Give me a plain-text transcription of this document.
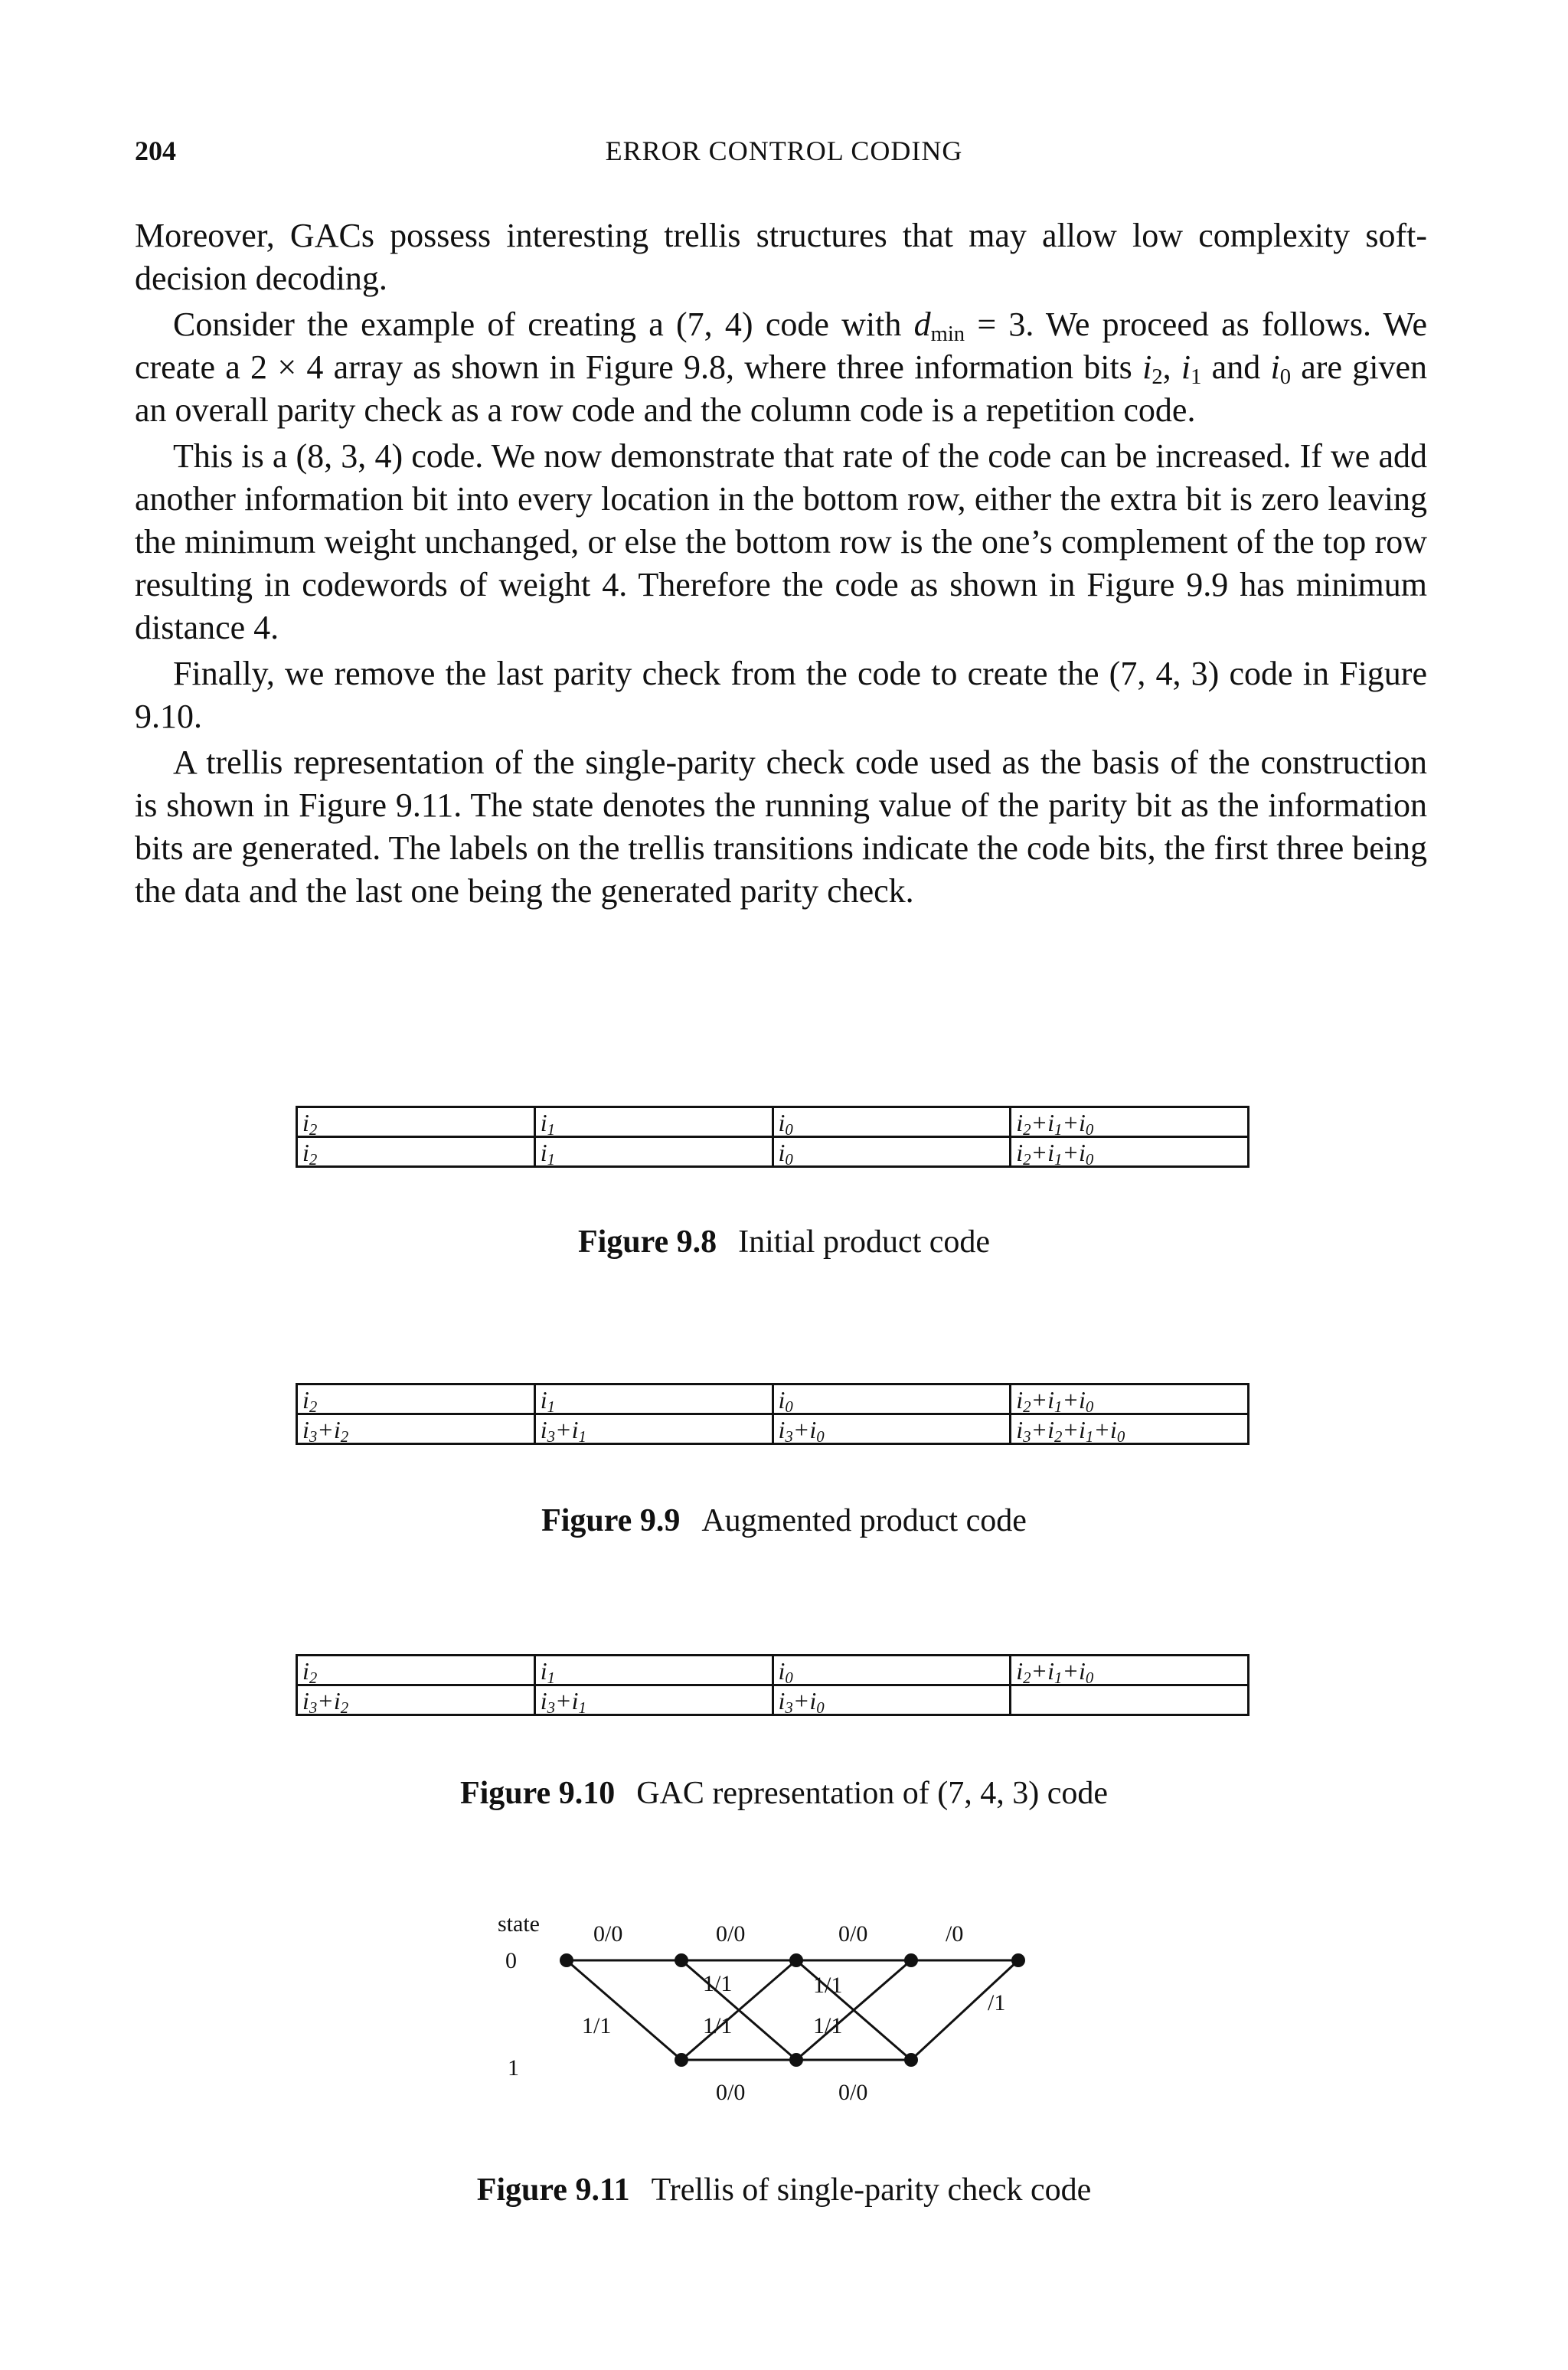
204	ERROR CONTROL CODING

Moreover, GACs possess interesting trellis structures that may allow low complexity soft-decision decoding.

Consider the example of creating a (7, 4) code with $d_{min} = 3$. We proceed as follows. We create a 2 × 4 array as shown in Figure 9.8, where three information bits $i_2$, $i_1$ and $i_0$ are given an overall parity check as a row code and the column code is a repetition code.

This is a (8, 3, 4) code. We now demonstrate that rate of the code can be increased. If we add another information bit into every location in the bottom row, either the extra bit is zero leaving the minimum weight unchanged, or else the bottom row is the one’s complement of the top row resulting in codewords of weight 4. Therefore the code as shown in Figure 9.9 has minimum distance 4.

Finally, we remove the last parity check from the code to create the (7, 4, 3) code in Figure 9.10.

A trellis representation of the single-parity check code used as the basis of the construction is shown in Figure 9.11. The state denotes the running value of the parity bit as the information bits are generated. The labels on the trellis transitions indicate the code bits, the first three being the data and the last one being the generated parity check.

$i_2$	$i_1$	$i_0$	$i_2+i_1+i_0$
$i_2$	$i_1$	$i_0$	$i_2+i_1+i_0$
Figure 9.8 Initial product code
$i_2$	$i_1$	$i_0$	$i_2+i_1+i_0$
$i_3+i_2$	$i_3+i_1$	$i_3+i_0$	$i_3+i_2+i_1+i_0$
Figure 9.9 Augmented product code
$i_2$	$i_1$	$i_0$	$i_2+i_1+i_0$
$i_3+i_2$	$i_3+i_1$	$i_3+i_0$	
Figure 9.10 GAC representation of (7, 4, 3) code
state
0
1
0/0	0/0	0/0	/0
1/1	1/1
1/1	1/1	1/1
/1
0/0	0/0
Figure 9.11 Trellis of single-parity check code
